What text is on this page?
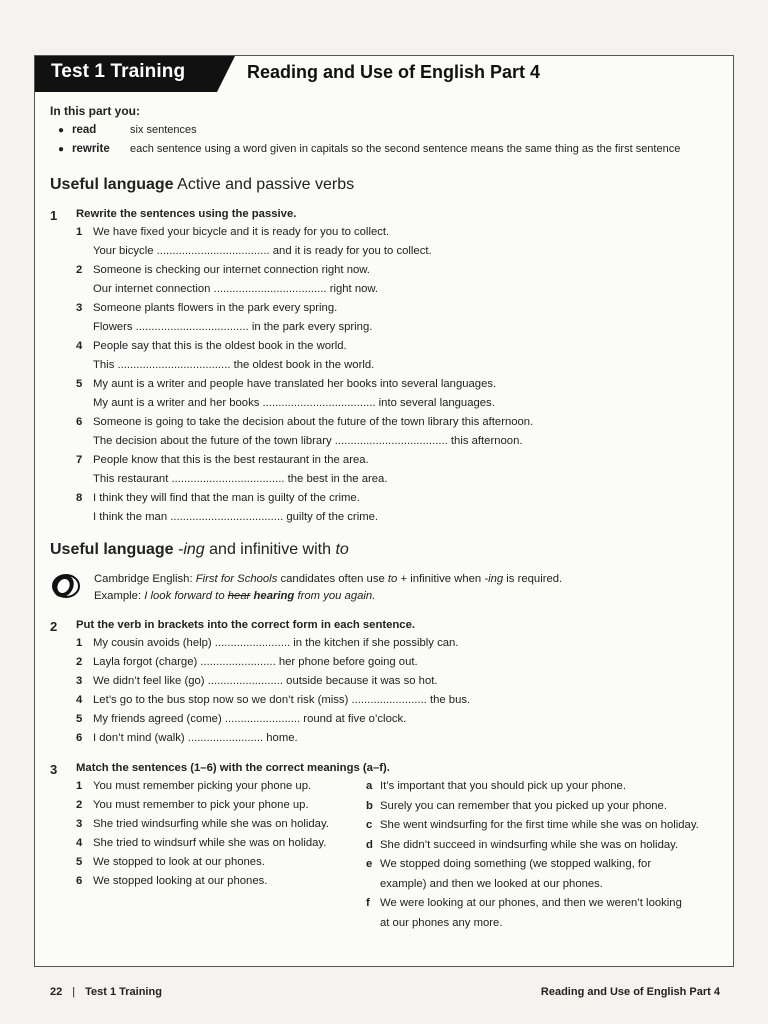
Test 1 Training	Reading and Use of English Part 4
In this part you:
● read	six sentences
● rewrite	each sentence using a word given in capitals so the second sentence means the same thing as the first sentence
Useful language Active and passive verbs
1	Rewrite the sentences using the passive.
1 We have fixed your bicycle and it is ready for you to collect.
Your bicycle .................................... and it is ready for you to collect.
2 Someone is checking our internet connection right now.
Our internet connection .................................... right now.
3 Someone plants flowers in the park every spring.
Flowers .................................... in the park every spring.
4 People say that this is the oldest book in the world.
This .................................... the oldest book in the world.
5 My aunt is a writer and people have translated her books into several languages.
My aunt is a writer and her books .................................... into several languages.
6 Someone is going to take the decision about the future of the town library this afternoon.
The decision about the future of the town library .................................... this afternoon.
7 People know that this is the best restaurant in the area.
This restaurant .................................... the best in the area.
8 I think they will find that the man is guilty of the crime.
I think the man .................................... guilty of the crime.
Useful language -ing and infinitive with to
Cambridge English: First for Schools candidates often use to + infinitive when -ing is required.
Example: I look forward to hear hearing from you again.
2	Put the verb in brackets into the correct form in each sentence.
1 My cousin avoids (help) ........................ in the kitchen if she possibly can.
2 Layla forgot (charge) ........................ her phone before going out.
3 We didn’t feel like (go) ........................ outside because it was so hot.
4 Let’s go to the bus stop now so we don’t risk (miss) ........................ the bus.
5 My friends agreed (come) ........................ round at five o’clock.
6 I don’t mind (walk) ........................ home.
3	Match the sentences (1–6) with the correct meanings (a–f).
1 You must remember picking your phone up.
2 You must remember to pick your phone up.
3 She tried windsurfing while she was on holiday.
4 She tried to windsurf while she was on holiday.
5 We stopped to look at our phones.
6 We stopped looking at our phones.
a It’s important that you should pick up your phone.
b Surely you can remember that you picked up your phone.
c She went windsurfing for the first time while she was on holiday.
d She didn’t succeed in windsurfing while she was on holiday.
e We stopped doing something (we stopped walking, for example) and then we looked at our phones.
f We were looking at our phones, and then we weren’t looking at our phones any more.
22 | Test 1 Training	Reading and Use of English Part 4
